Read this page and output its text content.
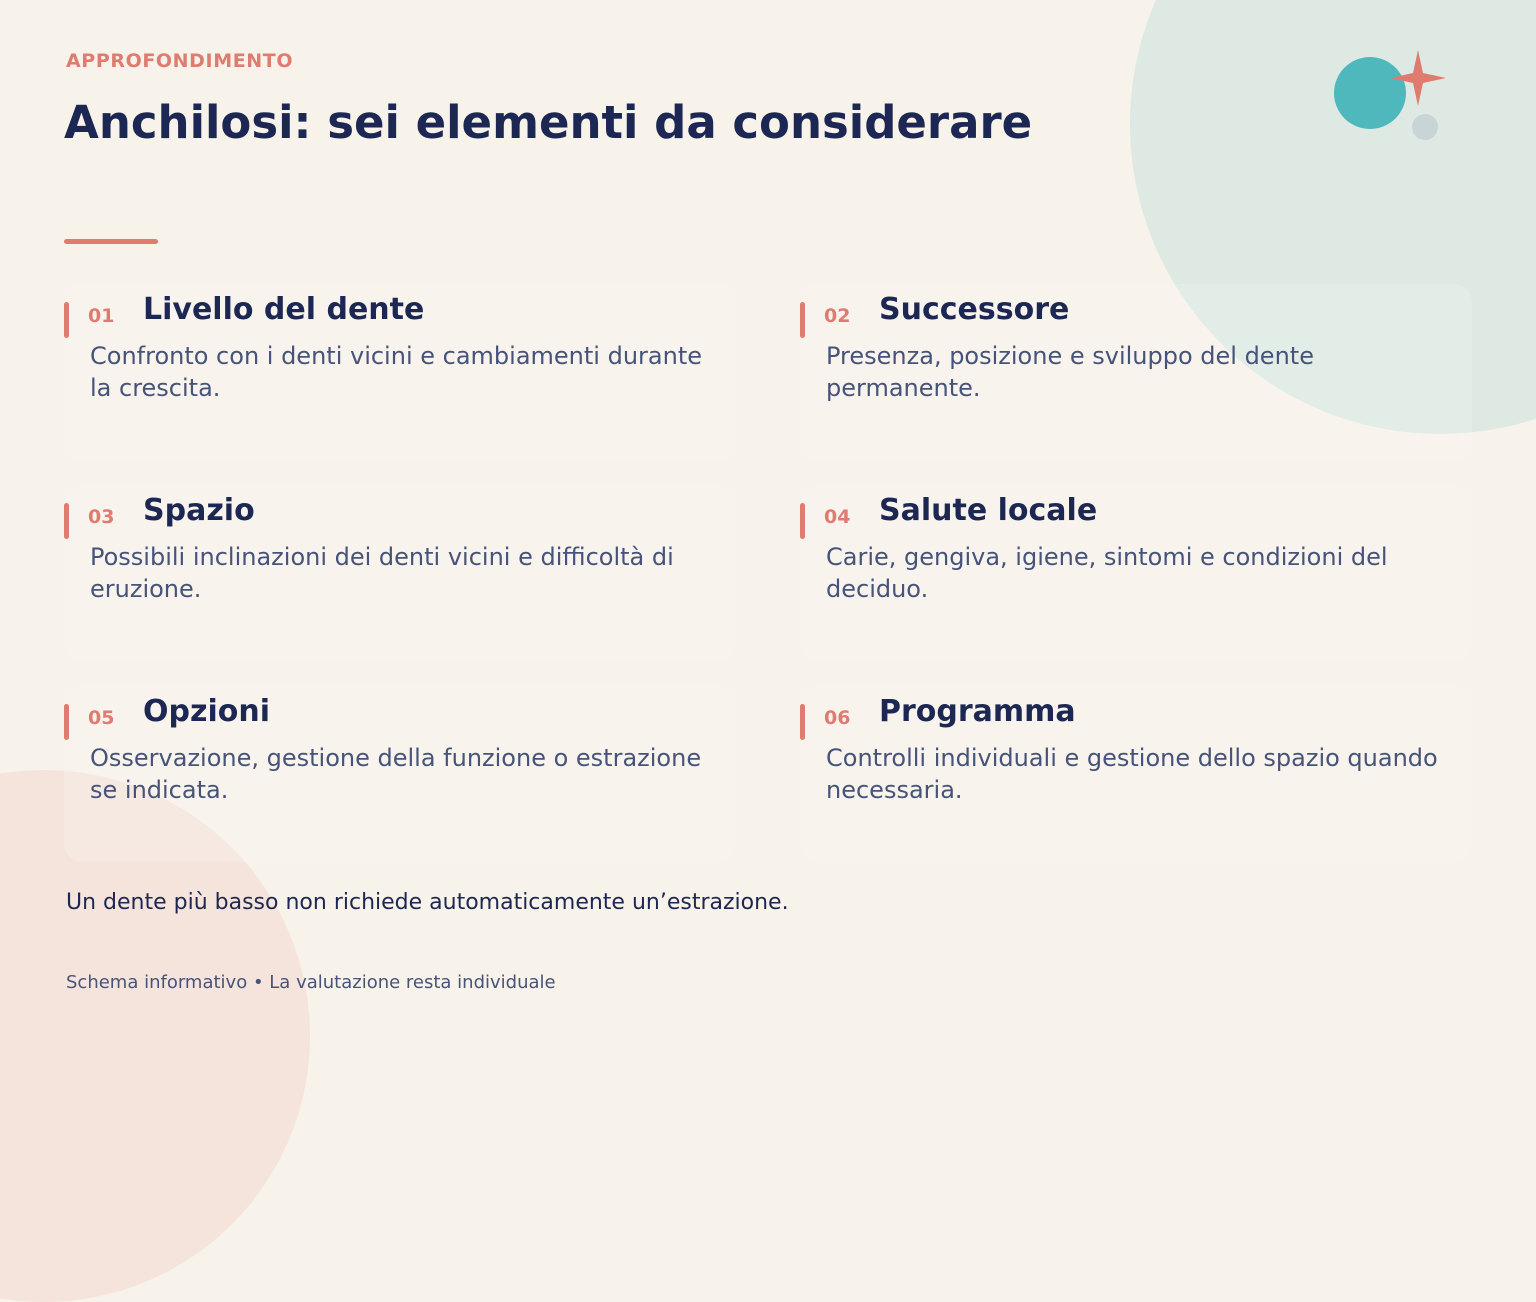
APPROFONDIMENTO
Anchilosi: sei elementi da considerare
01 Livello del dente

Confronto con i denti vicini e cambiamenti durante la crescita.

02 Successore

Presenza, posizione e sviluppo del dente permanente.

03 Spazio

Possibili inclinazioni dei denti vicini e difficoltà di eruzione.

04 Salute locale

Carie, gengiva, igiene, sintomi e condizioni del deciduo.

05 Opzioni

Osservazione, gestione della funzione o estrazione se indicata.

06 Programma

Controlli individuali e gestione dello spazio quando necessaria.

Un dente più basso non richiede automaticamente un’estrazione.
Schema informativo • La valutazione resta individuale
